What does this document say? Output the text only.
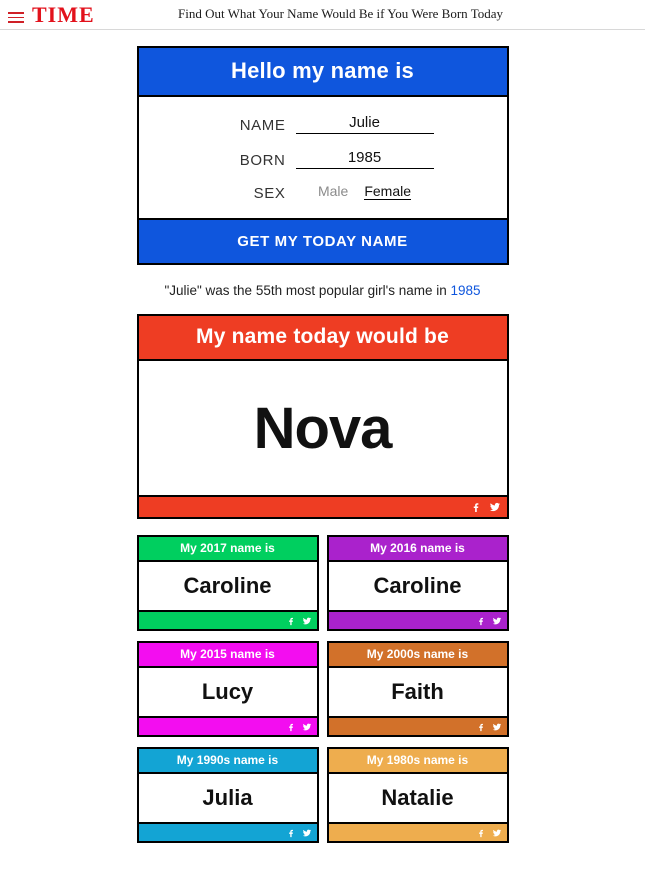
TIME	Find Out What Your Name Would Be if You Were Born Today
Hello my name is
NAME
Julie
BORN
1985
SEX	Male Female
GET MY TODAY NAME
"Julie" was the 55th most popular girl's name in 1985
My name today would be
Nova
My 2017 name is
Caroline
My 2016 name is
Caroline
My 2015 name is
Lucy
My 2000s name is
Faith
My 1990s name is
Julia
My 1980s name is
Natalie
